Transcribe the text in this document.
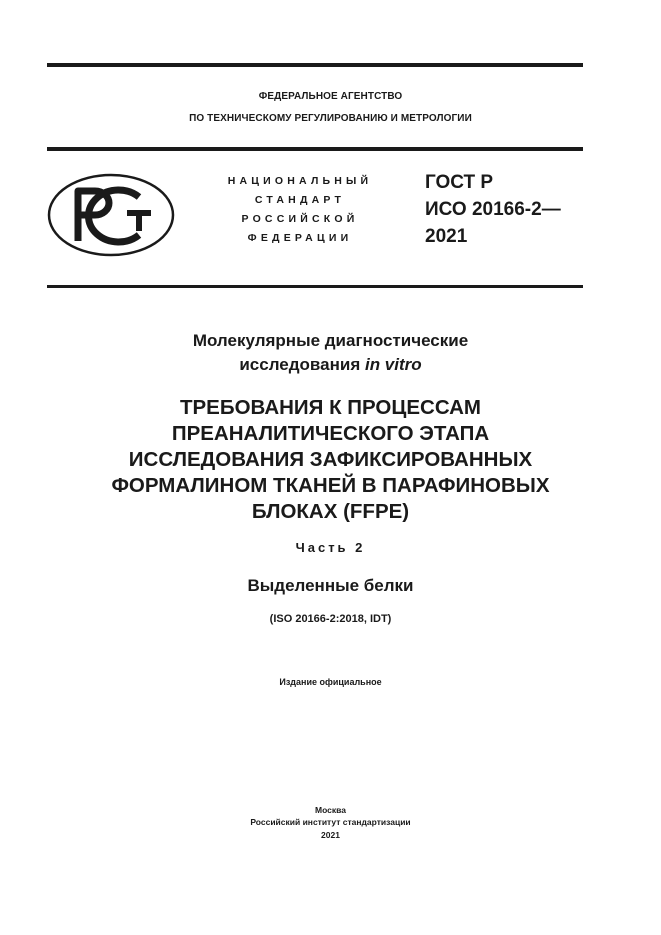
ФЕДЕРАЛЬНОЕ АГЕНТСТВО
ПО ТЕХНИЧЕСКОМУ РЕГУЛИРОВАНИЮ И МЕТРОЛОГИИ
НАЦИОНАЛЬНЫЙ
СТАНДАРТ
РОССИЙСКОЙ
ФЕДЕРАЦИИ
ГОСТ Р
ИСО 20166-2—
2021
Молекулярные диагностические
исследования in vitro
ТРЕБОВАНИЯ К ПРОЦЕССАМ
ПРЕАНАЛИТИЧЕСКОГО ЭТАПА
ИССЛЕДОВАНИЯ ЗАФИКСИРОВАННЫХ
ФОРМАЛИНОМ ТКАНЕЙ В ПАРАФИНОВЫХ
БЛОКАХ (FFPE)
Часть 2
Выделенные белки
(ISO 20166-2:2018, IDT)
Издание официальное
Москва
Российский институт стандартизации
2021
